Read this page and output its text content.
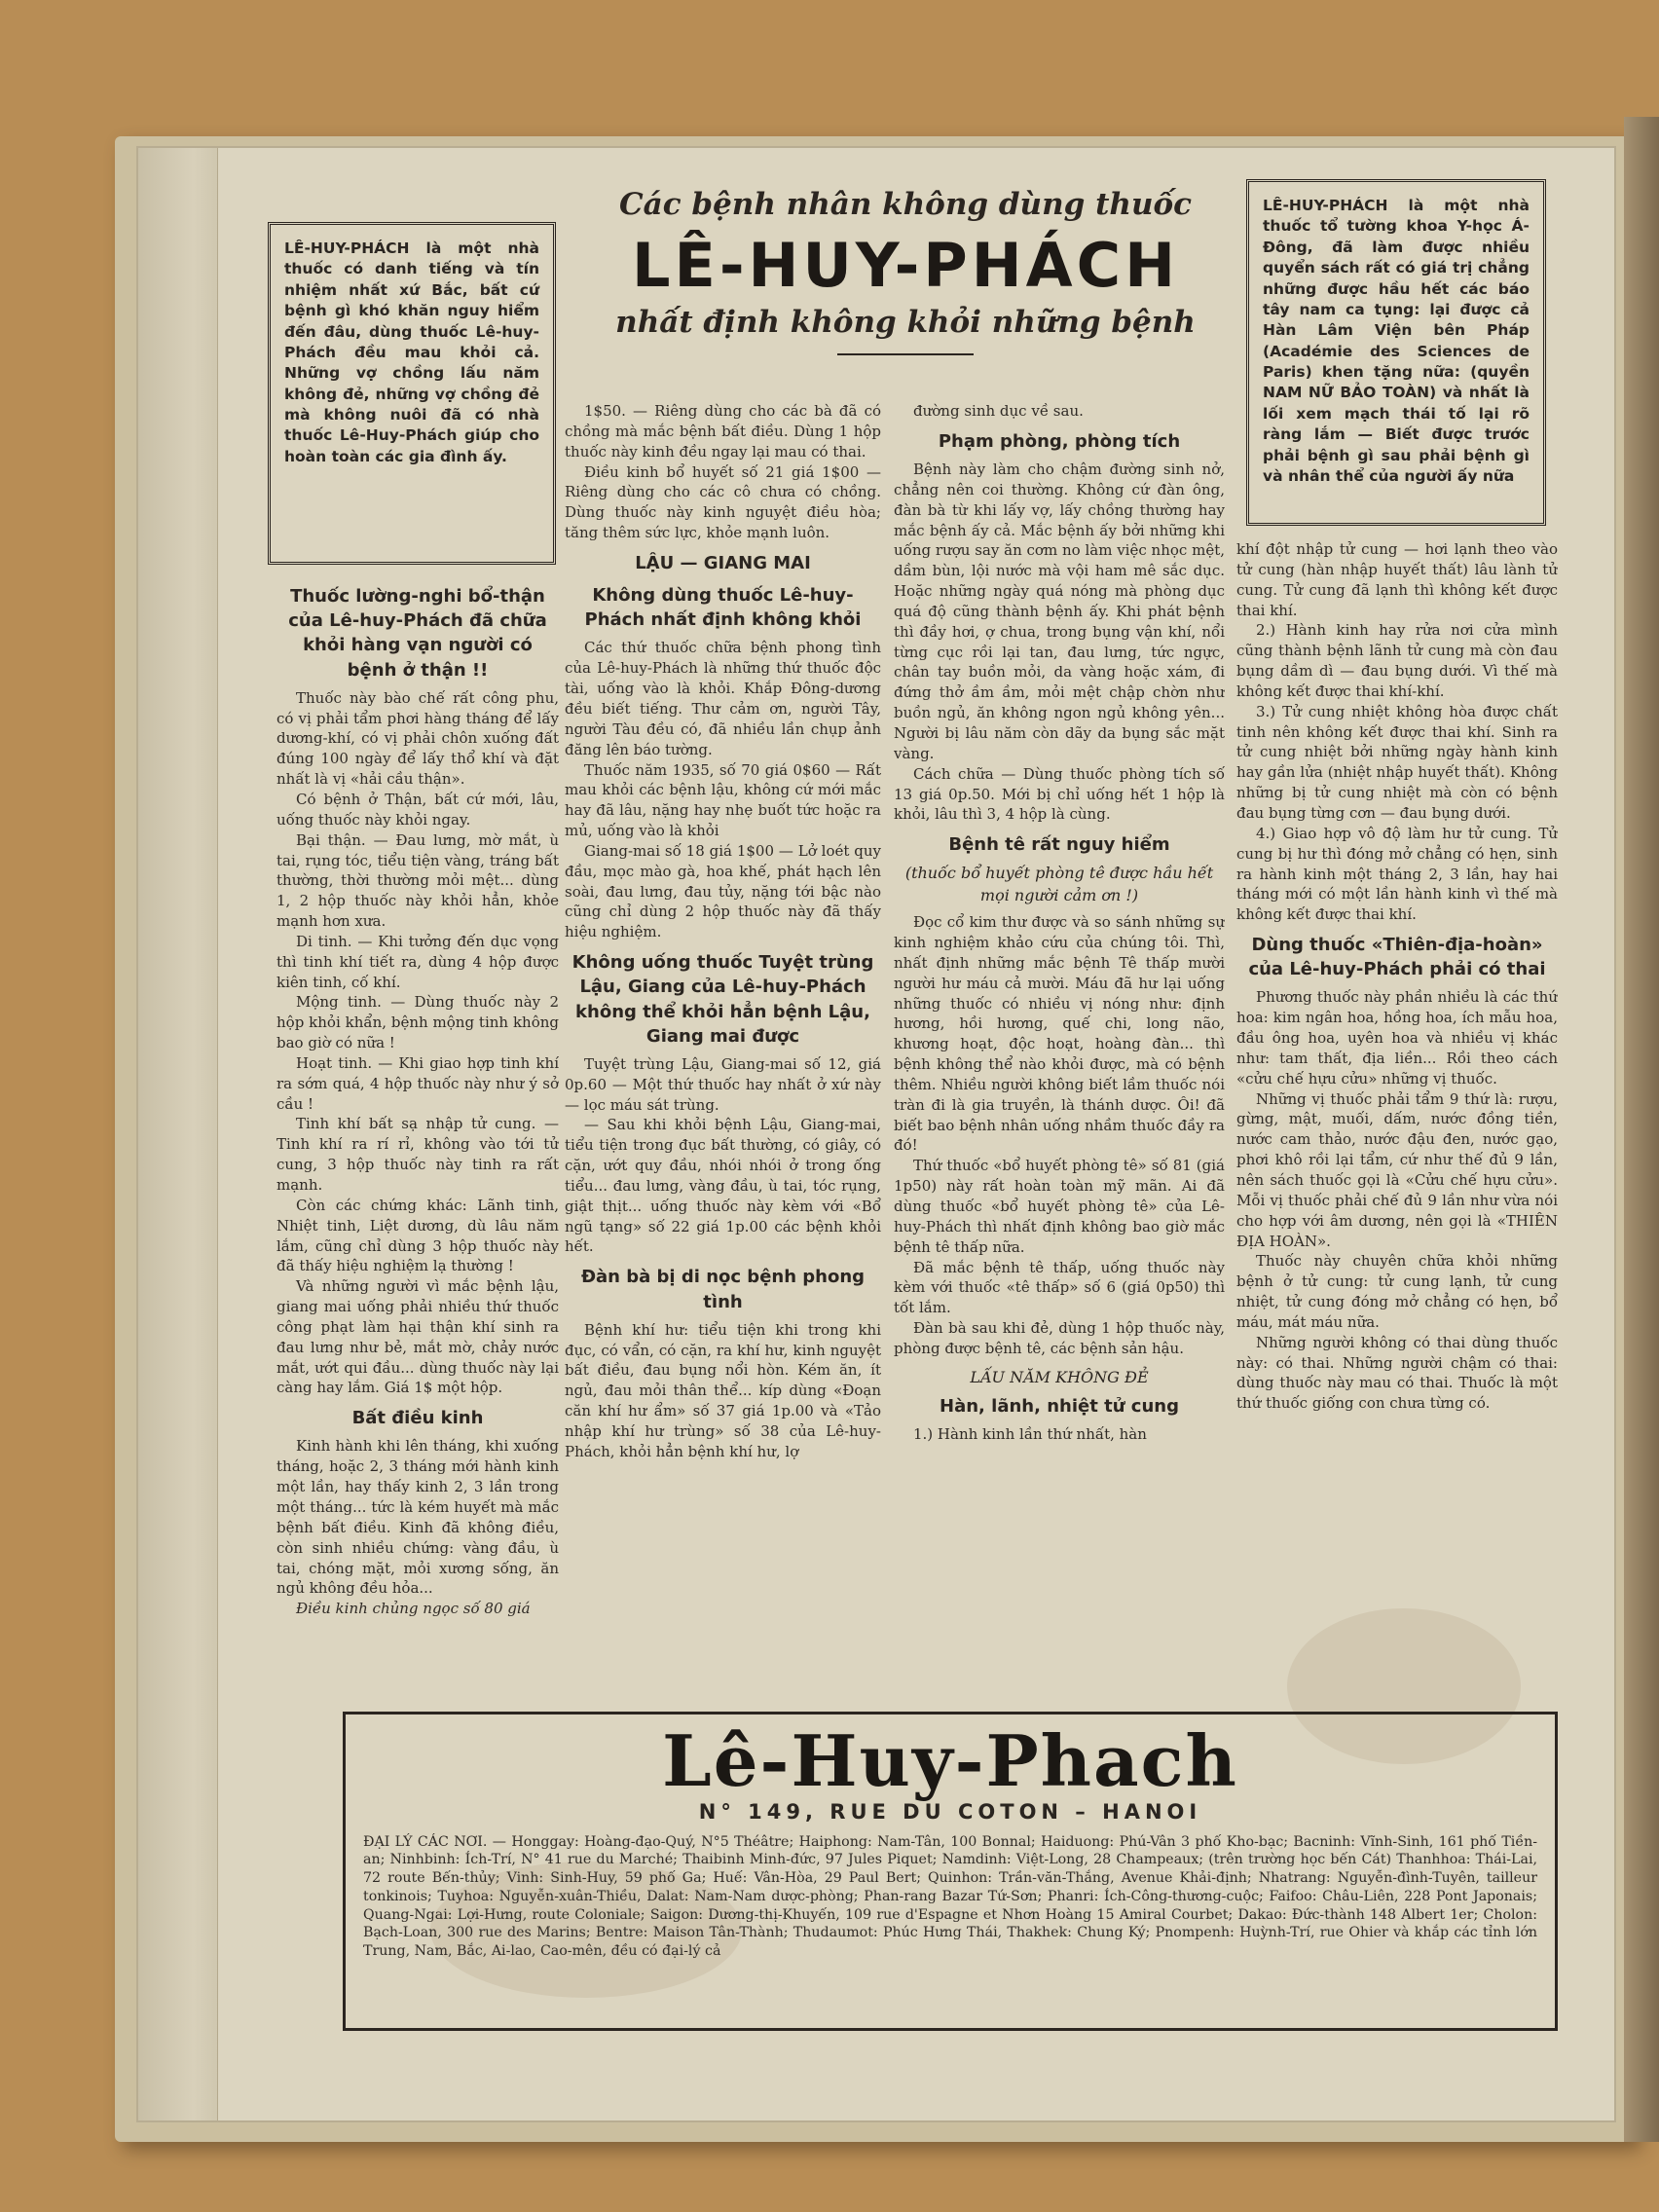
LÊ-HUY-PHÁCH là một nhà thuốc có danh tiếng và tín nhiệm nhất xứ Bắc, bất cứ bệnh gì khó khăn nguy hiểm đến đâu, dùng thuốc Lê-huy-Phách đều mau khỏi cả. Những vợ chồng lấu năm không đẻ, những vợ chồng đẻ mà không nuôi đã có nhà thuốc Lê-Huy-Phách giúp cho hoàn toàn các gia đình ấy.
Các bệnh nhân không dùng thuốc
LÊ-HUY-PHÁCH
nhất định không khỏi những bệnh
LÊ-HUY-PHÁCH là một nhà thuốc tổ tường khoa Y-học Á-Đông, đã làm được nhiều quyển sách rất có giá trị chẳng những được hầu hết các báo tây nam ca tụng: lại được cả Hàn Lâm Viện bên Pháp (Académie des Sciences de Paris) khen tặng nữa: (quyền NAM NỮ BẢO TOÀN) và nhất là lối xem mạch thái tố lại rõ ràng lắm — Biết được trước phải bệnh gì sau phải bệnh gì và nhân thể của người ấy nữa
Thuốc lường-nghi bổ-thận của Lê-huy-Phách đã chữa khỏi hàng vạn người có bệnh ở thận !!

Thuốc này bào chế rất công phu, có vị phải tẩm phơi hàng tháng để lấy dương-khí, có vị phải chôn xuống đất đúng 100 ngày để lấy thổ khí và đặt nhất là vị «hải cầu thận».

Có bệnh ở Thận, bất cứ mới, lâu, uống thuốc này khỏi ngay.

Bại thận. — Đau lưng, mờ mắt, ù tai, rụng tóc, tiểu tiện vàng, tráng bất thường, thời thường mỏi mệt... dùng 1, 2 hộp thuốc này khỏi hẳn, khỏe mạnh hơn xưa.

Di tinh. — Khi tưởng đến dục vọng thì tinh khí tiết ra, dùng 4 hộp được kiên tinh, cố khí.

Mộng tinh. — Dùng thuốc này 2 hộp khỏi khẩn, bệnh mộng tinh không bao giờ có nữa !

Hoạt tinh. — Khi giao hợp tinh khí ra sớm quá, 4 hộp thuốc này như ý sở cầu !

Tinh khí bất sạ nhập tử cung. — Tinh khí ra rí rỉ, không vào tới tử cung, 3 hộp thuốc này tinh ra rất mạnh.

Còn các chứng khác: Lãnh tinh, Nhiệt tinh, Liệt dương, dù lâu năm lắm, cũng chỉ dùng 3 hộp thuốc này đã thấy hiệu nghiệm lạ thường !

Và những người vì mắc bệnh lậu, giang mai uống phải nhiều thứ thuốc công phạt làm hại thận khí sinh ra đau lưng như bẻ, mắt mờ, chảy nước mắt, ướt qui đầu... dùng thuốc này lại càng hay lắm. Giá 1$ một hộp.

Bất điều kinh

Kinh hành khi lên tháng, khi xuống tháng, hoặc 2, 3 tháng mới hành kinh một lần, hay thấy kinh 2, 3 lần trong một tháng... tức là kém huyết mà mắc bệnh bất điều. Kinh đã không điều, còn sinh nhiều chứng: vàng đầu, ù tai, chóng mặt, mỏi xương sống, ăn ngủ không đều hỏa...

Điều kinh chủng ngọc số 80 giá

1$50. — Riêng dùng cho các bà đã có chồng mà mắc bệnh bất điều. Dùng 1 hộp thuốc này kinh đều ngay lại mau có thai.

Điều kinh bổ huyết số 21 giá 1$00 — Riêng dùng cho các cô chưa có chồng. Dùng thuốc này kinh nguyệt điều hòa; tăng thêm sức lực, khỏe mạnh luôn.

LẬU — GIANG MAI
Không dùng thuốc Lê-huy-Phách nhất định không khỏi

Các thứ thuốc chữa bệnh phong tình của Lê-huy-Phách là những thứ thuốc độc tài, uống vào là khỏi. Khắp Đông-dương đều biết tiếng. Thư cảm ơn, người Tây, người Tàu đều có, đã nhiều lần chụp ảnh đăng lên báo tường.

Thuốc năm 1935, số 70 giá 0$60 — Rất mau khỏi các bệnh lậu, không cứ mới mắc hay đã lâu, nặng hay nhẹ buốt tức hoặc ra mủ, uống vào là khỏi

Giang-mai số 18 giá 1$00 — Lở loét quy đầu, mọc mào gà, hoa khế, phát hạch lên soài, đau lưng, đau tủy, nặng tới bậc nào cũng chỉ dùng 2 hộp thuốc này đã thấy hiệu nghiệm.

Không uống thuốc Tuyệt trùng Lậu, Giang của Lê-huy-Phách không thể khỏi hẳn bệnh Lậu, Giang mai được

Tuyệt trùng Lậu, Giang-mai số 12, giá 0p.60 — Một thứ thuốc hay nhất ở xứ này — lọc máu sát trùng.

— Sau khi khỏi bệnh Lậu, Giang-mai, tiểu tiện trong đục bất thường, có giây, có cặn, ướt quy đầu, nhói nhói ở trong ống tiểu... đau lưng, vàng đầu, ù tai, tóc rụng, giật thịt... uống thuốc này kèm với «Bổ ngũ tạng» số 22 giá 1p.00 các bệnh khỏi hết.

Đàn bà bị di nọc bệnh phong tình

Bệnh khí hư: tiểu tiện khi trong khi đục, có vẩn, có cặn, ra khí hư, kinh nguyệt bất điều, đau bụng nổi hòn. Kém ăn, ít ngủ, đau mỏi thân thể... kíp dùng «Đoạn căn khí hư ẩm» số 37 giá 1p.00 và «Tảo nhập khí hư trùng» số 38 của Lê-huy-Phách, khỏi hẳn bệnh khí hư, lợ

đường sinh dục về sau.

Phạm phòng, phòng tích

Bệnh này làm cho chậm đường sinh nở, chẳng nên coi thường. Không cứ đàn ông, đàn bà từ khi lấy vợ, lấy chồng thường hay mắc bệnh ấy cả. Mắc bệnh ấy bởi những khi uống rượu say ăn cơm no làm việc nhọc mệt, dầm bùn, lội nước mà vội ham mê sắc dục. Hoặc những ngày quá nóng mà phòng dục quá độ cũng thành bệnh ấy. Khi phát bệnh thì đầy hơi, ợ chua, trong bụng vận khí, nổi từng cục rồi lại tan, đau lưng, tức ngực, chân tay buồn mỏi, da vàng hoặc xám, đi đứng thở ầm ầm, mỏi mệt chập chờn như buồn ngủ, ăn không ngon ngủ không yên... Người bị lâu năm còn dãy da bụng sắc mặt vàng.

Cách chữa — Dùng thuốc phòng tích số 13 giá 0p.50. Mới bị chỉ uống hết 1 hộp là khỏi, lâu thì 3, 4 hộp là cùng.

Bệnh tê rất nguy hiểm
(thuốc bổ huyết phòng tê được hầu hết mọi người cảm ơn !)

Đọc cổ kim thư được và so sánh những sự kinh nghiệm khảo cứu của chúng tôi. Thì, nhất định những mắc bệnh Tê thấp mười người hư máu cả mười. Máu đã hư lại uống những thuốc có nhiều vị nóng như: định hương, hồi hương, quế chi, long não, khương hoạt, độc hoạt, hoàng đàn... thì bệnh không thể nào khỏi được, mà có bệnh thêm. Nhiều người không biết lầm thuốc nói tràn đi là gia truyền, là thánh dược. Ôi! đã biết bao bệnh nhân uống nhầm thuốc đầy ra đó!

Thứ thuốc «bổ huyết phòng tê» số 81 (giá 1p50) này rất hoàn toàn mỹ mãn. Ai đã dùng thuốc «bổ huyết phòng tê» của Lê-huy-Phách thì nhất định không bao giờ mắc bệnh tê thấp nữa.

Đã mắc bệnh tê thấp, uống thuốc này kèm với thuốc «tê thấp» số 6 (giá 0p50) thì tốt lắm.

Đàn bà sau khi đẻ, dùng 1 hộp thuốc này, phòng được bệnh tê, các bệnh sản hậu.

LẤU NĂM KHÔNG ĐẺ
Hàn, lãnh, nhiệt tử cung

1.) Hành kinh lần thứ nhất, hàn

khí đột nhập tử cung — hơi lạnh theo vào tử cung (hàn nhập huyết thất) lâu lành tử cung. Tử cung đã lạnh thì không kết được thai khí.

2.) Hành kinh hay rửa nơi cửa mình cũng thành bệnh lãnh tử cung mà còn đau bụng dầm dì — đau bụng dưới. Vì thế mà không kết được thai khí-khí.

3.) Tử cung nhiệt không hòa được chất tinh nên không kết được thai khí. Sinh ra tử cung nhiệt bởi những ngày hành kinh hay gần lửa (nhiệt nhập huyết thất). Không những bị tử cung nhiệt mà còn có bệnh đau bụng từng cơn — đau bụng dưới.

4.) Giao hợp vô độ làm hư tử cung. Tử cung bị hư thì đóng mở chẳng có hẹn, sinh ra hành kinh một tháng 2, 3 lần, hay hai tháng mới có một lần hành kinh vì thế mà không kết được thai khí.

Dùng thuốc «Thiên-địa-hoàn» của Lê-huy-Phách phải có thai

Phương thuốc này phần nhiều là các thứ hoa: kim ngân hoa, hồng hoa, ích mẫu hoa, đầu ông hoa, uyên hoa và nhiều vị khác như: tam thất, địa liền... Rồi theo cách «cửu chế hựu cửu» những vị thuốc.

Những vị thuốc phải tẩm 9 thứ là: rượu, gừng, mật, muối, dấm, nước đồng tiền, nước cam thảo, nước đậu đen, nước gạo, phơi khô rồi lại tẩm, cứ như thế đủ 9 lần, nên sách thuốc gọi là «Cửu chế hựu cửu». Mỗi vị thuốc phải chế đủ 9 lần như vừa nói cho hợp với âm dương, nên gọi là «THIÊN ĐỊA HOÀN».

Thuốc này chuyên chữa khỏi những bệnh ở tử cung: tử cung lạnh, tử cung nhiệt, tử cung đóng mở chẳng có hẹn, bổ máu, mát máu nữa.

Những người không có thai dùng thuốc này: có thai. Những người chậm có thai: dùng thuốc này mau có thai. Thuốc là một thứ thuốc giống con chưa từng có.

Lê-Huy-Phach
N° 149, RUE DU COTON – HANOI
ĐẠI LÝ CÁC NƠI. — Honggay: Hoàng-đạo-Quý, N°5 Théâtre; Haiphong: Nam-Tân, 100 Bonnal; Haiduong: Phú-Vân 3 phố Kho-bạc; Bacninh: Vĩnh-Sinh, 161 phố Tiền-an; Ninhbinh: Ích-Trí, N° 41 rue du Marché; Thaibinh Minh-đức, 97 Jules Piquet; Namdinh: Việt-Long, 28 Champeaux; (trên trường học bến Cát) Thanhhoa: Thái-Lai, 72 route Bến-thủy; Vinh: Sinh-Huy, 59 phố Ga; Huế: Vân-Hòa, 29 Paul Bert; Quinhon: Trần-văn-Thắng, Avenue Khải-định; Nhatrang: Nguyễn-đình-Tuyên, tailleur tonkinois; Tuyhoa: Nguyễn-xuân-Thiều, Dalat: Nam-Nam dược-phòng; Phan-rang Bazar Tứ-Sơn; Phanri: Ích-Công-thương-cuộc; Faifoo: Châu-Liên, 228 Pont Japonais; Quang-Ngai: Lợi-Hưng, route Coloniale; Saigon: Dương-thị-Khuyến, 109 rue d'Espagne et Nhơn Hoàng 15 Amiral Courbet; Dakao: Đức-thành 148 Albert 1er; Cholon: Bạch-Loan, 300 rue des Marins; Bentre: Maison Tân-Thành; Thudaumot: Phúc Hưng Thái, Thakhek: Chung Ký; Pnompenh: Huỳnh-Trí, rue Ohier và khắp các tỉnh lớn Trung, Nam, Bắc, Ai-lao, Cao-mên, đều có đại-lý cả
